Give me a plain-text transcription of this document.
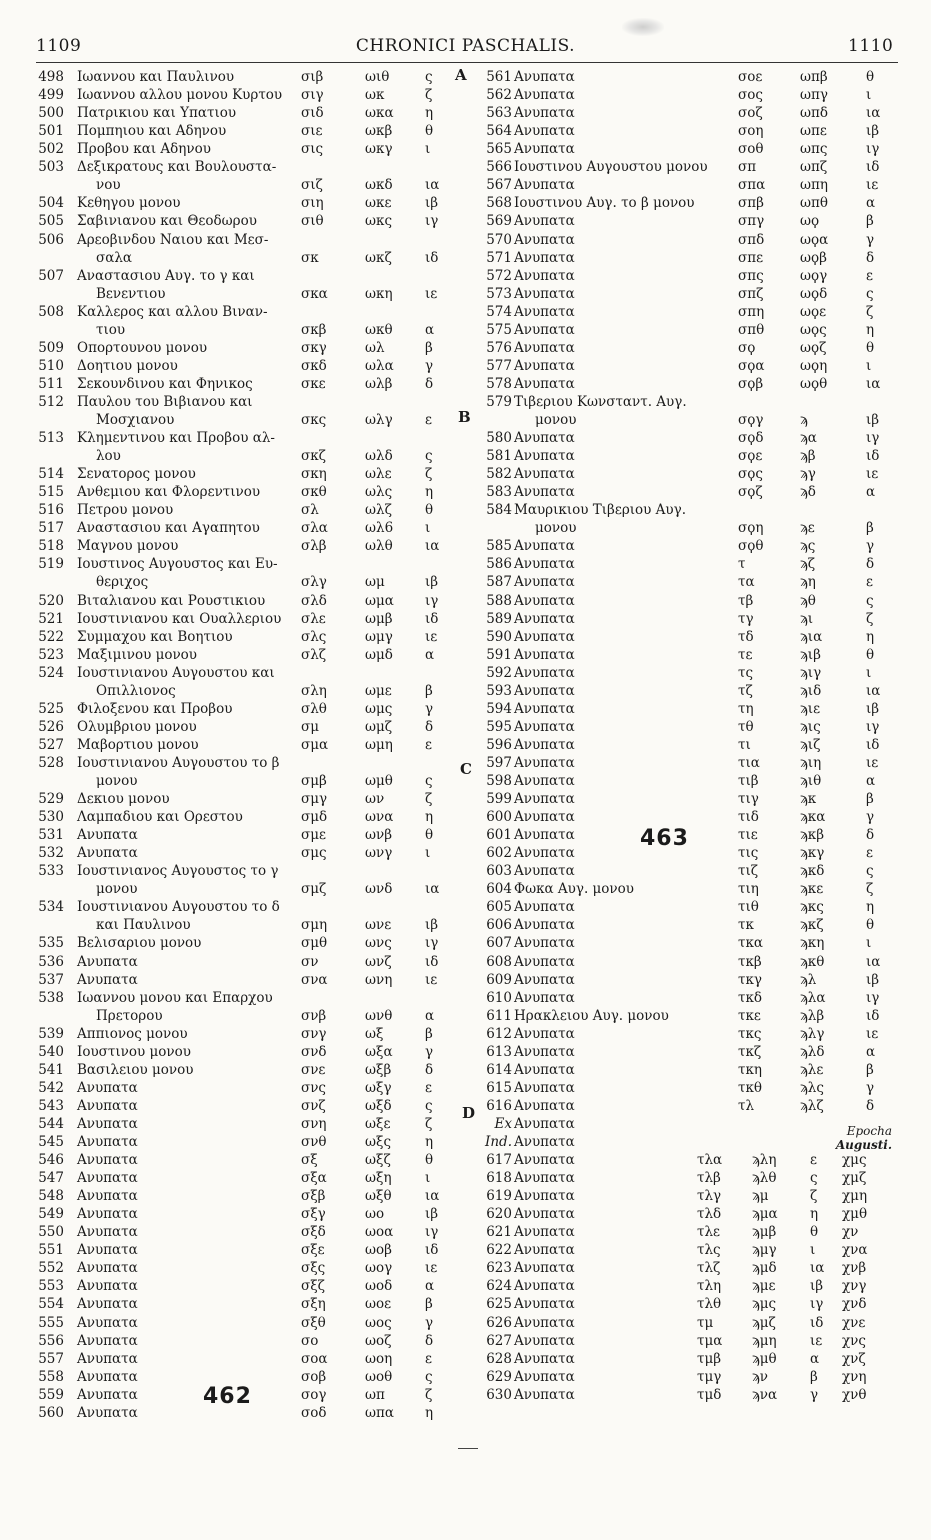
1109	CHRONICI PASCHALIS.	1110
498 Ιωαννου και Παυλινου	σιβ	ωιθ	ς
499 Ιωαννου αλλου μονου Κυρτου σιγ	ωκ	ζ
500 Πατρικιου και Υπατιου	σιδ	ωκα η
501 Πομπηιου και Αδηνου	σιε	ωκβ θ
502 Προβου και Αδηνου	σις	ωκγ ι
503 Δεξικρατους και Βουλουστα-
νου	σιζ	ωκδ ια
504 Κεθηγου μονου	σιη	ωκε ιβ
505 Σαβινιανου και Θεοδωρου	σιθ	ωκς ιγ
506 Αρεοβινδου Ναιου και Μεσ-
σαλα	σκ	ωκζ ιδ
507 Αναστασιου Αυγ. το γ και
Βενεντιου	σκα	ωκη ιε
508 Καλλερος και αλλου Βιναν-
τιου	σκβ	ωκθ α
509 Οπορτουνου μονου	σκγ	ωλ	β
510 Δοητιου μονου	σκδ	ωλα γ
511 Σεκουνδινου και Φηνικος	σκε	ωλβ δ
512 Παυλου του Βιβιανου και
Μοσχιανου	σκς	ωλγ ε
513 Κλημεντινου και Προβου αλ-
λου	σκζ	ωλδ ς
514 Σενατορος μονου	σκη	ωλε ζ
515 Ανθεμιου και Φλορεντινου	σκθ	ωλς η
516 Πετρου μονου	σλ	ωλζ θ
517 Αναστασιου και Αγαπητου	σλα	ωλ6 ι
518 Μαγνου μονου	σλβ	ωλθ ια
519 Ιουστινος Αυγουστος και Ευ-
θεριχος	σλγ	ωμ	ιβ
520 Βιταλιανου και Ρουστικιου	σλδ	ωμα ιγ
521 Ιουστινιανου και Ουαλλεριου σλε	ωμβ ιδ
522 Συμμαχου και Βοητιου	σλς	ωμγ ιε
523 Μαξιμινου μονου	σλζ	ωμδ α
524 Ιουστινιανου Αυγουστου και
Οπιλλιονος	σλη	ωμε β
525 Φιλοξενου και Προβου	σλθ	ωμς γ
526 Ολυμβριου μονου	σμ	ωμζ δ
527 Μαβορτιου μονου	σμα	ωμη ε
528 Ιουστινιανου Αυγουστου το β
μονου	σμβ	ωμθ ς
529 Δεκιου μονου	σμγ	ων	ζ
530 Λαμπαδιου και Ορεστου	σμδ	ωνα η
531 Ανυπατα	σμε	ωνβ θ
532 Ανυπατα	σμς	ωνγ ι
533 Ιουστινιανος Αυγουστος το γ
μονου	σμζ	ωνδ ια
534 Ιουστινιανου Αυγουστου το δ
και Παυλινου	σμη	ωνε	ιβ
535 Βελισαριου μονου	σμθ	ωνς ιγ
536 Ανυπατα	σν	ωνζ ιδ
537 Ανυπατα	σνα	ωνη ιε
538 Ιωαννου μονου και Επαρχου
Πρετορου	σνβ	ωνθ α
539 Αππιονος μονου	σνγ	ωξ	β
540 Ιουστινου μονου	σνδ	ωξα γ
541 Βασιλειου μονου	σνε	ωξβ	δ
542 Ανυπατα	σνς	ωξγ ε
543 Ανυπατα	σνζ	ωξδ ς
544 Ανυπατα	σνη	ωξε	ζ
545 Ανυπατα	σνθ	ωξς	η
546 Ανυπατα	σξ	ωξζ	θ
547 Ανυπατα	σξα	ωξη ι
548 Ανυπατα	σξβ	ωξθ ια
549 Ανυπατα	σξγ	ωο	ιβ
550 Ανυπατα	σξδ	ωοα ιγ
551 Ανυπατα	σξε	ωοβ ιδ
552 Ανυπατα	σξς	ωογ ιε
553 Ανυπατα	σξζ	ωοδ α
554 Ανυπατα	σξη	ωοε	β
555 Ανυπατα	σξθ	ωος γ
556 Ανυπατα	σο	ωοζ δ
557 Ανυπατα	σοα	ωοη ε
558 Ανυπατα	σοβ	ωοθ ς
559 Ανυπατα	σογ	ωπ	ζ
560 Ανυπατα	σοδ	ωπα η
561 Ανυπατα	σοε	ωπβ	θ
562 Ανυπατα	σος	ωπγ	ι
563 Ανυπατα	σοζ	ωπδ	ια
564 Ανυπατα	σοη	ωπε	ιβ
565 Ανυπατα	σοθ	ωπς	ιγ
566 Ιουστινου Αυγουστου μονου σπ	ωπζ	ιδ
567 Ανυπατα	σπα	ωπη	ιε
568 Ιουστινου Αυγ. το β μονου	σπβ	ωπθ	α
569 Ανυπατα	σπγ	ωϙ	β
570 Ανυπατα	σπδ	ωϙα	γ
571 Ανυπατα	σπε	ωϙβ	δ
572 Ανυπατα	σπς	ωϙγ	ε
573 Ανυπατα	σπζ	ωϙδ	ς
574 Ανυπατα	σπη	ωϙε	ζ
575 Ανυπατα	σπθ	ωϙς	η
576 Ανυπατα	σϙ	ωϙζ	θ
577 Ανυπατα	σϙα	ωϙη	ι
578 Ανυπατα	σϙβ	ωϙθ	ια
579 Τιβεριου Κωνσταντ. Αυγ.
μονου	σϙγ	ϡ	ιβ
580 Ανυπατα	σϙδ	ϡα	ιγ
581 Ανυπατα	σϙε	ϡβ	ιδ
582 Ανυπατα	σϙς	ϡγ	ιε
583 Ανυπατα	σϙζ	ϡδ	α
584 Μαυρικιου Τιβεριου Αυγ.
μονου	σϙη	ϡε	β
585 Ανυπατα	σϙθ	ϡς	γ
586 Ανυπατα	τ	ϡζ	δ
587 Ανυπατα	τα	ϡη	ε
588 Ανυπατα	τβ	ϡθ	ς
589 Ανυπατα	τγ	ϡι	ζ
590 Ανυπατα	τδ	ϡια	η
591 Ανυπατα	τε	ϡιβ	θ
592 Ανυπατα	τς	ϡιγ	ι
593 Ανυπατα	τζ	ϡιδ	ια
594 Ανυπατα	τη	ϡιε	ιβ
595 Ανυπατα	τθ	ϡις	ιγ
596 Ανυπατα	τι	ϡιζ	ιδ
597 Ανυπατα	τια	ϡιη	ιε
598 Ανυπατα	τιβ	ϡιθ	α
599 Ανυπατα	τιγ	ϡκ	β
600 Ανυπατα	τιδ	ϡκα	γ
601 Ανυπατα	τιε	ϡκβ	δ
602 Ανυπατα	τις	ϡκγ	ε
603 Ανυπατα	τιζ	ϡκδ	ς
604 Φωκα Αυγ. μονου	τιη	ϡκε	ζ
605 Ανυπατα	τιθ	ϡκς	η
606 Ανυπατα	τκ	ϡκζ	θ
607 Ανυπατα	τκα	ϡκη	ι
608 Ανυπατα	τκβ	ϡκθ	ια
609 Ανυπατα	τκγ	ϡλ	ιβ
610 Ανυπατα	τκδ	ϡλα	ιγ
611 Ηρακλειου Αυγ. μονου	τκε	ϡλβ	ιδ
612 Ανυπατα	τκς	ϡλγ	ιε
613 Ανυπατα	τκζ	ϡλδ	α
614 Ανυπατα	τκη	ϡλε	β
615 Ανυπατα	τκθ	ϡλς	γ
616 Ανυπατα	τλ	ϡλζ	δ
Ex Ανυπατα
Ind. Ανυπατα
617 Ανυπατα	τλα ϡλη ε χμς
618 Ανυπατα	τλβ ϡλθ ς χμζ
619 Ανυπατα	τλγ ϡμ	ζ χμη
620 Ανυπατα	τλδ ϡμα η χμθ
621 Ανυπατα	τλε ϡμβ θ χν
622 Ανυπατα	τλς ϡμγ ι χνα
623 Ανυπατα	τλζ ϡμδ ια χνβ
624 Ανυπατα	τλη ϡμε	ιβ χνγ
625 Ανυπατα	τλθ ϡμς	ιγ χνδ
626 Ανυπατα	τμ	ϡμζ	ιδ χνε
627 Ανυπατα	τμα ϡμη ιε χνς
628 Ανυπατα	τμβ ϡμθ α χνζ
629 Ανυπατα	τμγ ϡν	β χνη
630 Ανυπατα	τμδ ϡνα γ χνθ
A
B
C
D
462
463
Epocha
Augusti.
